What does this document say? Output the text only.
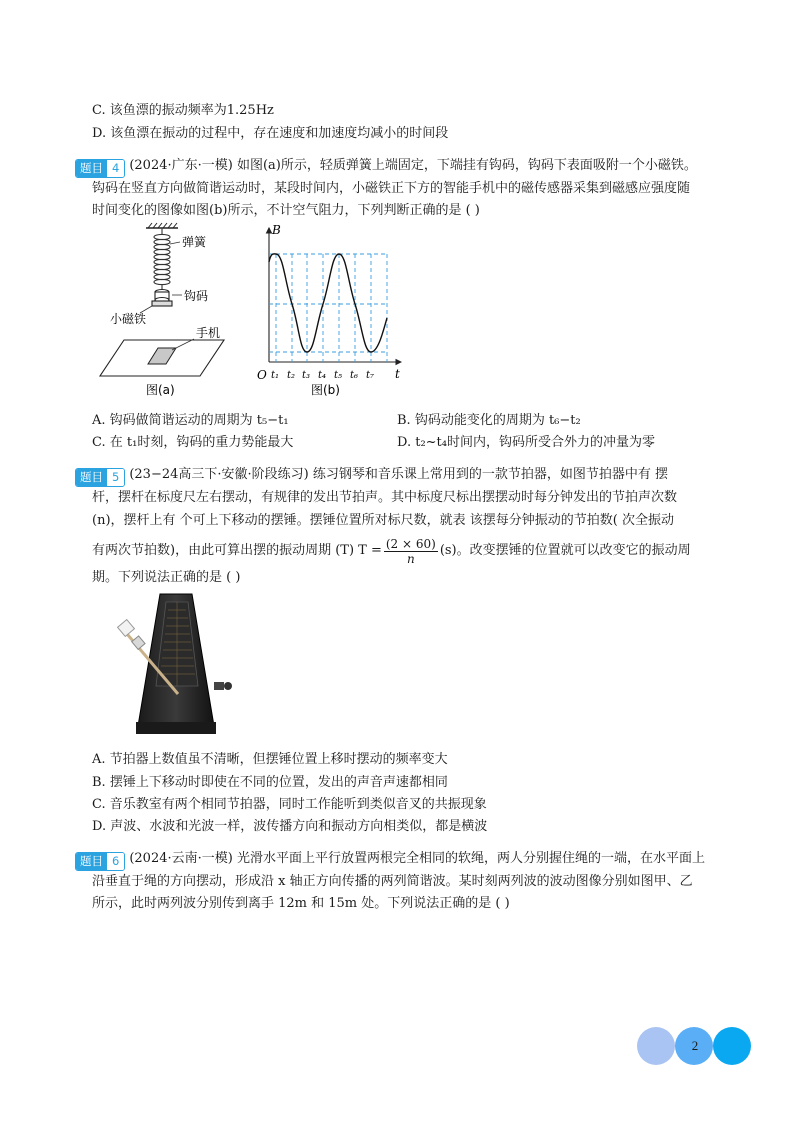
C. 该鱼漂的振动频率为1.25Hz
D. 该鱼漂在振动的过程中，存在速度和加速度均减小的时间段
题目 4 (2024·广东·一模) 如图(a)所示，轻质弹簧上端固定，下端挂有钩码，钩码下表面吸附一个小磁铁。
钩码在竖直方向做简谐运动时，某段时间内，小磁铁正下方的智能手机中的磁传感器采集到磁感应强度随
时间变化的图像如图(b)所示，不计空气阻力，下列判断正确的是 ( )
弹簧
钩码
小磁铁
手机
图(a)
B
t
O t₁ t₂ t₃ t₄ t₅ t₆ t₇
图(b)
A. 钩码做简谐运动的周期为 t₅−t₁	B. 钩码动能变化的周期为 t₆−t₂
C. 在 t₁时刻，钩码的重力势能最大	D. t₂~t₄时间内，钩码所受合外力的冲量为零
题目 5 (23−24高三下·安徽·阶段练习) 练习钢琴和音乐课上常用到的一款节拍器，如图节拍器中有 摆
杆，摆杆在标度尺左右摆动，有规律的发出节拍声。其中标度尺标出摆摆动时每分钟发出的节拍声次数
(n)，摆杆上有 个可上下移动的摆锤。摆锤位置所对标尺数，就表 该摆每分钟振动的节拍数( 次全振动
有两次节拍数)，由此可算出摆的振动周期 (T) $T = \frac{(2 \times 60)}{n} (s)$。改变摆锤的位置就可以改变它的振动周
期。下列说法正确的是 ( )
A. 节拍器上数值虽不清晰，但摆锤位置上移时摆动的频率变大
B. 摆锤上下移动时即使在不同的位置，发出的声音声速都相同
C. 音乐教室有两个相同节拍器，同时工作能听到类似音叉的共振现象
D. 声波、水波和光波一样，波传播方向和振动方向相类似，都是横波
题目 6 (2024·云南·一模) 光滑水平面上平行放置两根完全相同的软绳，两人分别握住绳的一端，在水平面上
沿垂直于绳的方向摆动，形成沿 x 轴正方向传播的两列简谐波。某时刻两列波的波动图像分别如图甲、乙
所示，此时两列波分别传到离手 12m 和 15m 处。下列说法正确的是 ( )
2
